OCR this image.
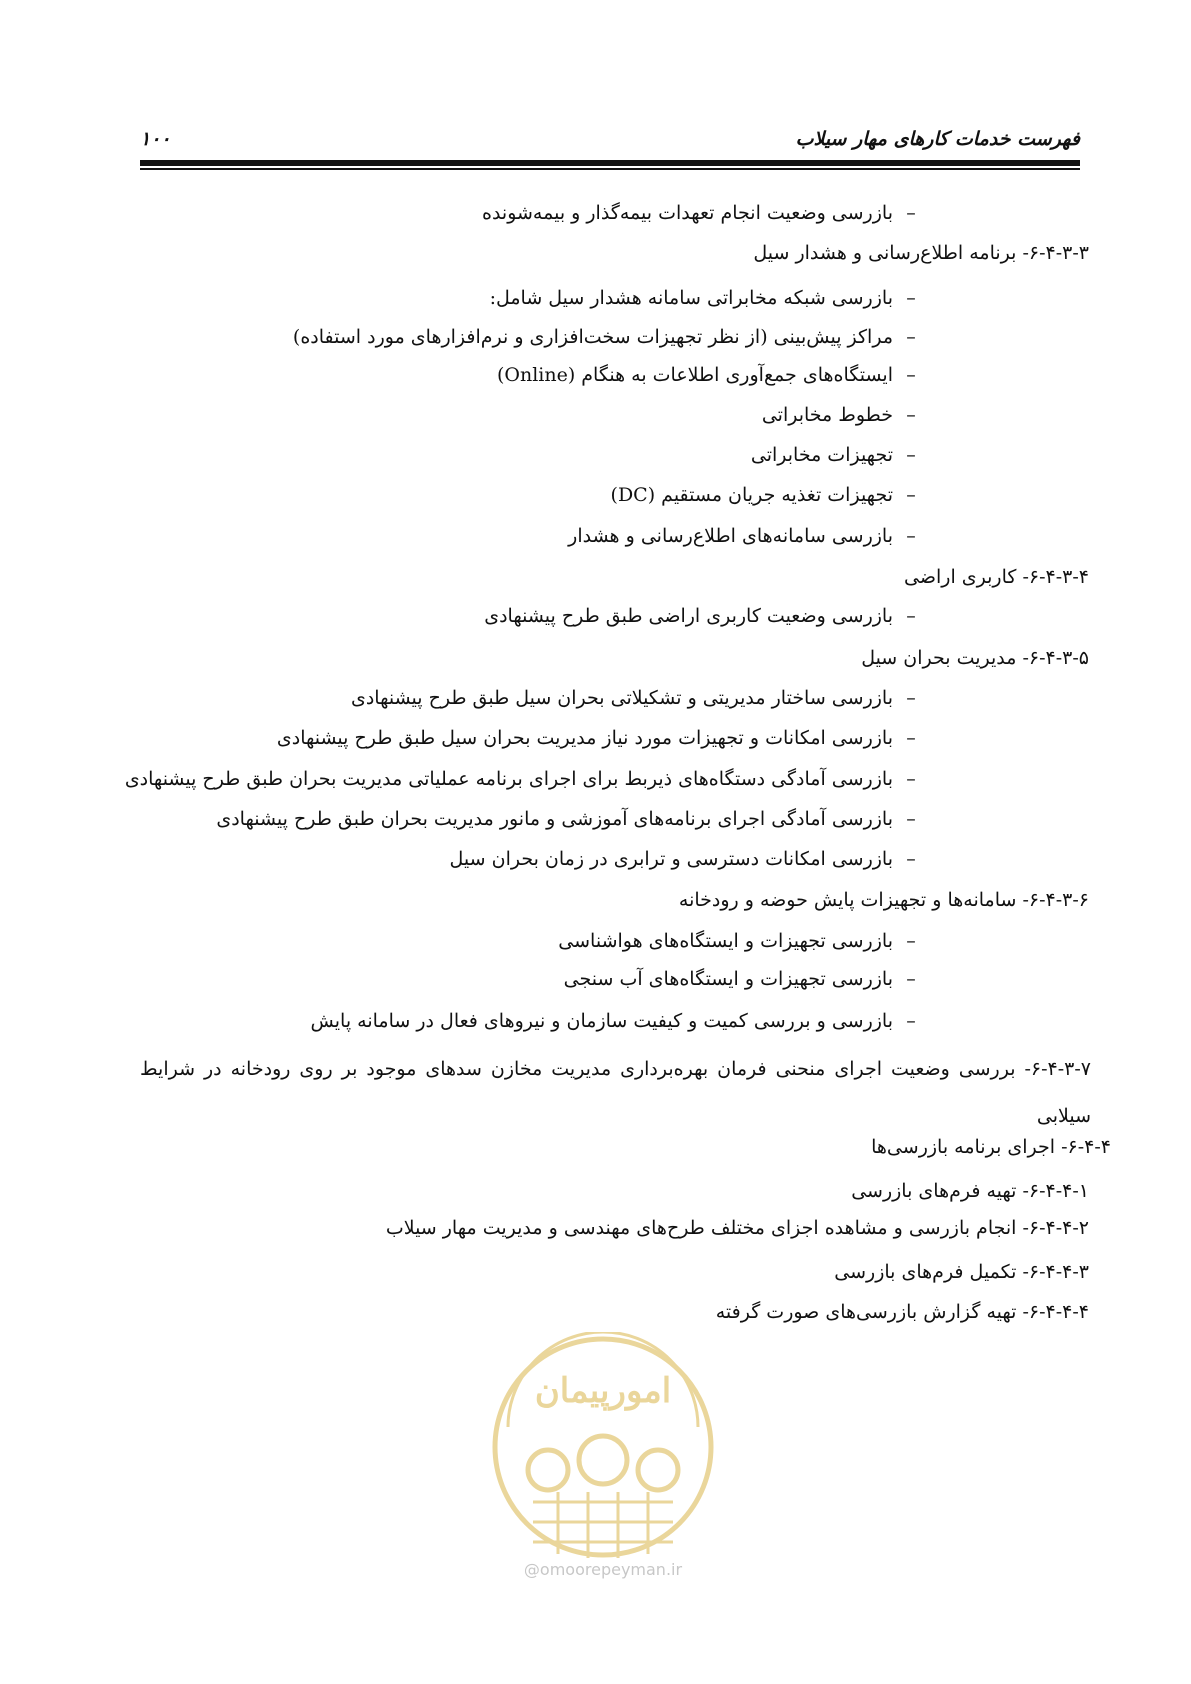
فهرست خدمات کارهای مهار سیلاب
۱۰۰
–بازرسی وضعیت انجام تعهدات بیمه‌گذار و بیمه‌شونده
۶-۴-۳-۳- برنامه اطلاع‌رسانی و هشدار سیل
–بازرسی شبکه مخابراتی سامانه هشدار سیل شامل:
–مراکز پیش‌بینی (از نظر تجهیزات سخت‌افزاری و نرم‌افزارهای مورد استفاده)
–ایستگاه‌های جمع‌آوری اطلاعات به هنگام (Online)
–خطوط مخابراتی
–تجهیزات مخابراتی
–تجهیزات تغذیه جریان مستقیم (DC)
–بازرسی سامانه‌های اطلاع‌رسانی و هشدار
۶-۴-۳-۴- کاربری اراضی
–بازرسی وضعیت کاربری اراضی طبق طرح پیشنهادی
۶-۴-۳-۵- مدیریت بحران سیل
–بازرسی ساختار مدیریتی و تشکیلاتی بحران سیل طبق طرح پیشنهادی
–بازرسی امکانات و تجهیزات مورد نیاز مدیریت بحران سیل طبق طرح پیشنهادی
–بازرسی آمادگی دستگاه‌های ذیربط برای اجرای برنامه عملیاتی مدیریت بحران طبق طرح پیشنهادی
–بازرسی آمادگی اجرای برنامه‌های آموزشی و مانور مدیریت بحران طبق طرح پیشنهادی
–بازرسی امکانات دسترسی و ترابری در زمان بحران سیل
۶-۴-۳-۶- سامانه‌ها و تجهیزات پایش حوضه و رودخانه
–بازرسی تجهیزات و ایستگاه‌های هواشناسی
–بازرسی تجهیزات و ایستگاه‌های آب سنجی
–بازرسی و بررسی کمیت و کیفیت سازمان و نیروهای فعال در سامانه پایش
۶-۴-۳-۷- بررسی وضعیت اجرای منحنی فرمان بهره‌برداری مدیریت مخازن سدهای موجود بر روی رودخانه در شرایط سیلابی
۶-۴-۴- اجرای برنامه بازرسی‌ها
۶-۴-۴-۱- تهیه فرم‌های بازرسی
۶-۴-۴-۲- انجام بازرسی و مشاهده اجزای مختلف طرح‌های مهندسی و مدیریت مهار سیلاب
۶-۴-۴-۳- تکمیل فرم‌های بازرسی
۶-۴-۴-۴- تهیه گزارش بازرسی‌های صورت گرفته
امورپیمان
@omoorepeyman.ir
